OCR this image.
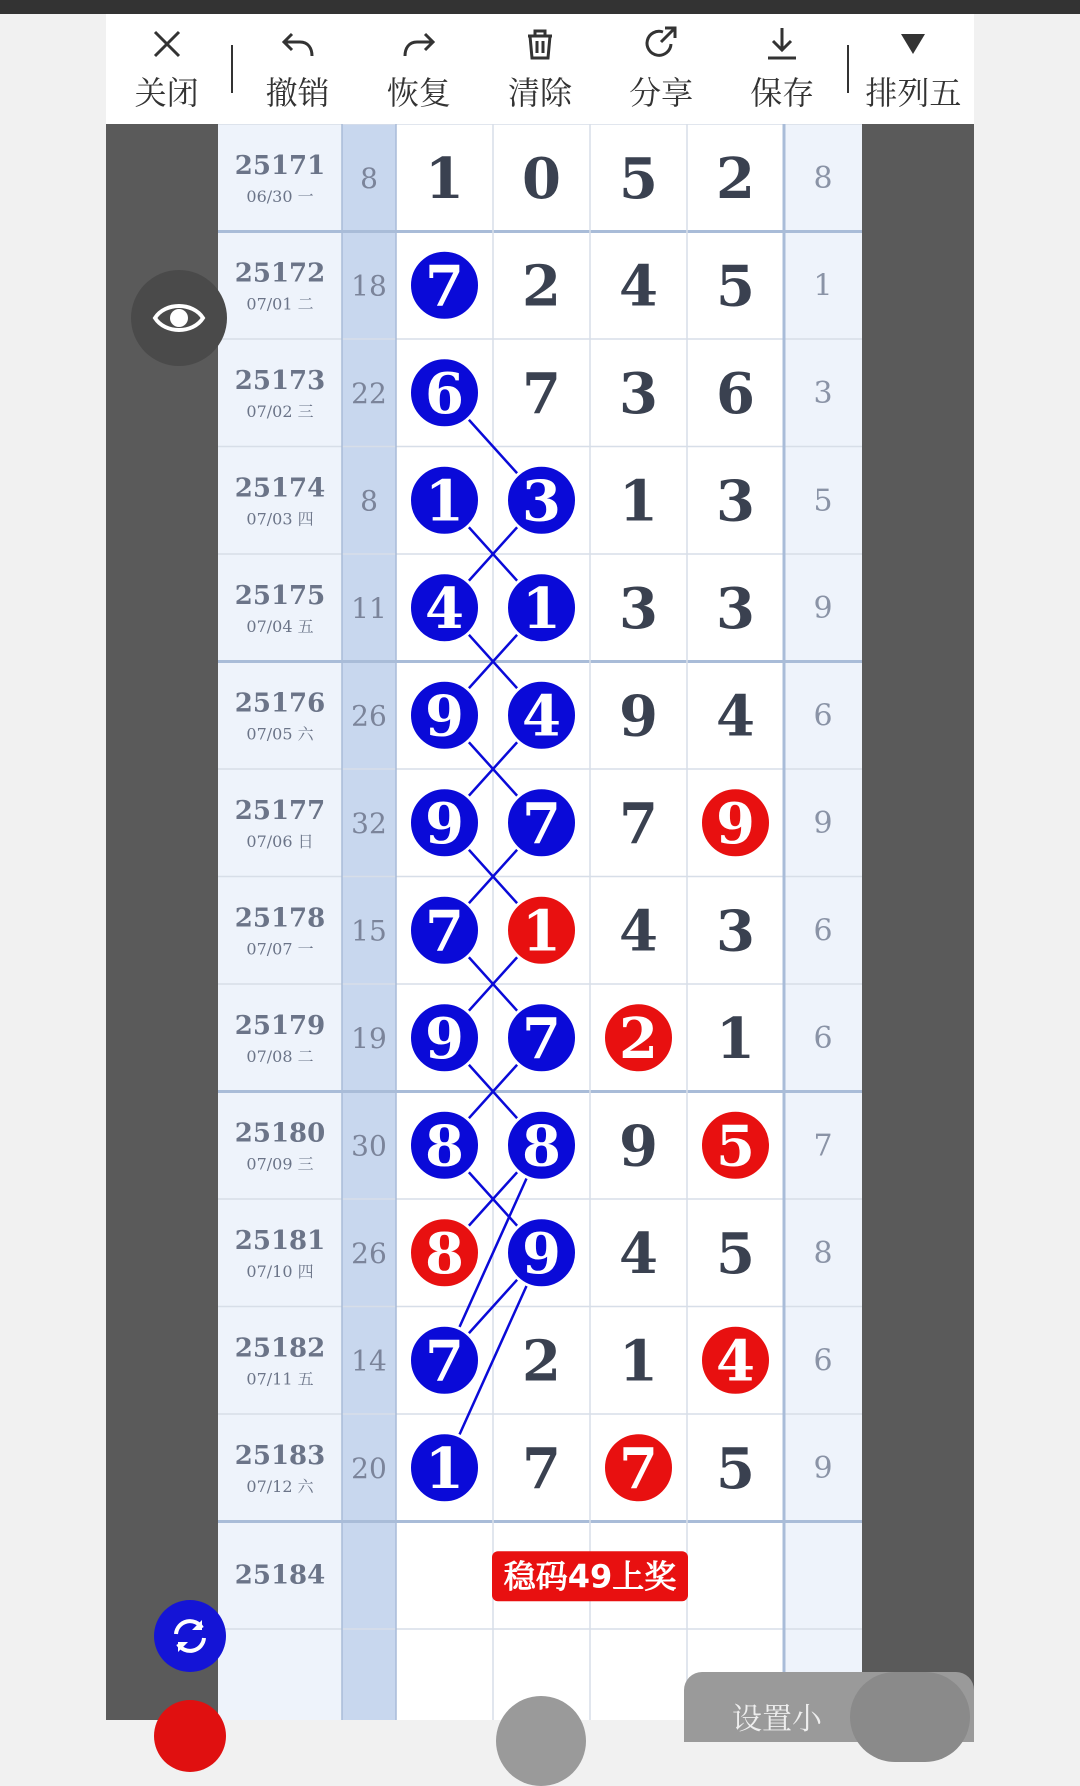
关闭 撤销 恢复 清除 分享 保存 排列五
25171
06/30 一
8 1 0 5 2 8
25172
07/01 二
18 7 2 4 5 1
25173
07/02 三
22 6 7 3 6 3
25174
07/03 四
8 1 3 1 3 5
25175
07/04 五
11 4 1 3 3 9
25176
07/05 六
26 9 4 9 4 6
25177
07/06 日
32 9 7 7 9 9
25178
07/07 一
15 7 1 4 3 6
25179
07/08 二
19 9 7 2 1 6
25180
07/09 三
30 8 8 9 5 7
25181
07/10 四
26 8 9 4 5 8
25182
07/11 五
14 7 2 1 4 6
25183
07/12 六
20 1 7 7 5 9
25184	稳码49上奖
设置小
